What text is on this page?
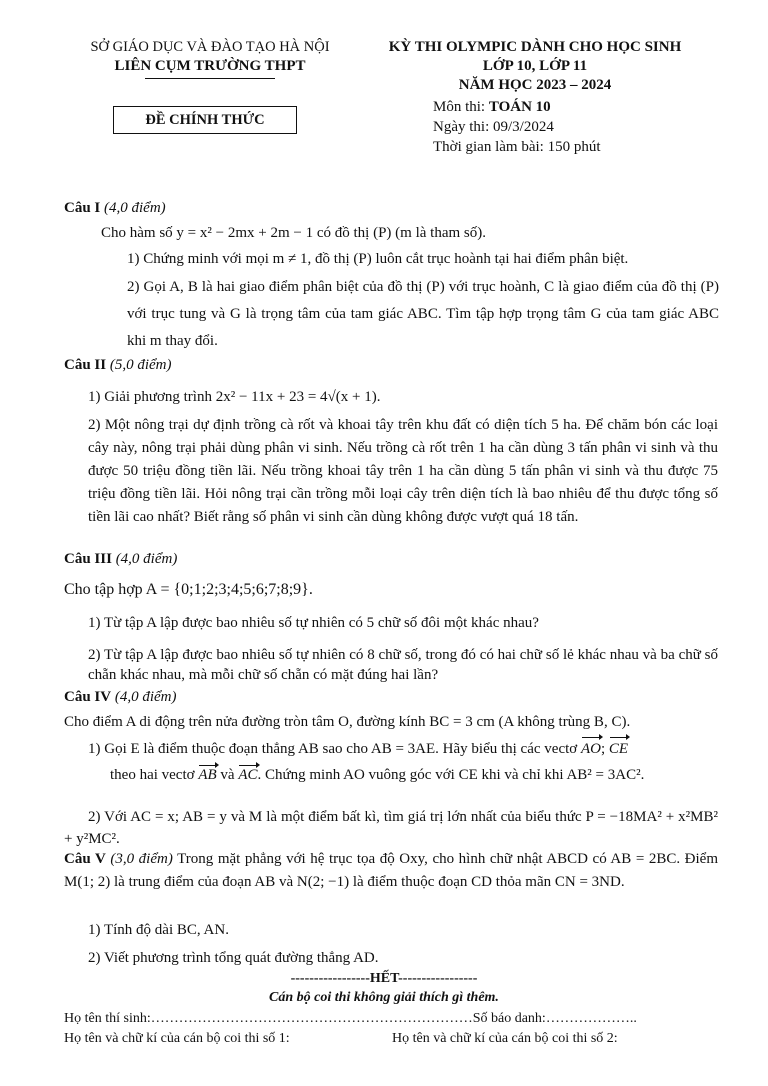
SỞ GIÁO DỤC VÀ ĐÀO TẠO HÀ NỘI
LIÊN CỤM TRƯỜNG THPT
ĐỀ CHÍNH THỨC
KỲ THI OLYMPIC DÀNH CHO HỌC SINH
LỚP 10, LỚP 11
NĂM HỌC 2023 – 2024
Môn thi: TOÁN 10
Ngày thi: 09/3/2024
Thời gian làm bài: 150 phút
Câu I (4,0 điểm)
Cho hàm số y = x² − 2mx + 2m − 1 có đồ thị (P) (m là tham số).
1) Chứng minh với mọi m ≠ 1, đồ thị (P) luôn cắt trục hoành tại hai điểm phân biệt.
2) Gọi A, B là hai giao điểm phân biệt của đồ thị (P) với trục hoành, C là giao điểm của đồ thị (P) với trục tung và G là trọng tâm của tam giác ABC. Tìm tập hợp trọng tâm G của tam giác ABC khi m thay đổi.
Câu II (5,0 điểm)
1) Giải phương trình 2x² − 11x + 23 = 4√(x + 1).
2) Một nông trại dự định trồng cà rốt và khoai tây trên khu đất có diện tích 5 ha. Để chăm bón các loại cây này, nông trại phải dùng phân vi sinh. Nếu trồng cà rốt trên 1 ha cần dùng 3 tấn phân vi sinh và thu được 50 triệu đồng tiền lãi. Nếu trồng khoai tây trên 1 ha cần dùng 5 tấn phân vi sinh và thu được 75 triệu đồng tiền lãi. Hỏi nông trại cần trồng mỗi loại cây trên diện tích là bao nhiêu để thu được tổng số tiền lãi cao nhất? Biết rằng số phân vi sinh cần dùng không được vượt quá 18 tấn.
Câu III (4,0 điểm)
Cho tập hợp A = {0;1;2;3;4;5;6;7;8;9}.
1) Từ tập A lập được bao nhiêu số tự nhiên có 5 chữ số đôi một khác nhau?
2) Từ tập A lập được bao nhiêu số tự nhiên có 8 chữ số, trong đó có hai chữ số lẻ khác nhau và ba chữ số chẵn khác nhau, mà mỗi chữ số chẵn có mặt đúng hai lần?
Câu IV (4,0 điểm)
Cho điểm A di động trên nửa đường tròn tâm O, đường kính BC = 3 cm (A không trùng B, C).
1) Gọi E là điểm thuộc đoạn thẳng AB sao cho AB = 3AE. Hãy biểu thị các vectơ AO; CE
theo hai vectơ AB và AC. Chứng minh AO vuông góc với CE khi và chỉ khi AB² = 3AC².
2) Với AC = x; AB = y và M là một điểm bất kì, tìm giá trị lớn nhất của biểu thức P = −18MA² + x²MB² + y²MC².
Câu V (3,0 điểm) Trong mặt phẳng với hệ trục tọa độ Oxy, cho hình chữ nhật ABCD có AB = 2BC. Điểm M(1; 2) là trung điểm của đoạn AB và N(2; −1) là điểm thuộc đoạn CD thỏa mãn CN = 3ND.
1) Tính độ dài BC, AN.
2) Viết phương trình tổng quát đường thẳng AD.
-----------------HẾT-----------------
Cán bộ coi thi không giải thích gì thêm.
Họ tên thí sinh:……………………………………………………………Số báo danh:………………..
Họ tên và chữ kí của cán bộ coi thi số 1:	Họ tên và chữ kí của cán bộ coi thi số 2:
